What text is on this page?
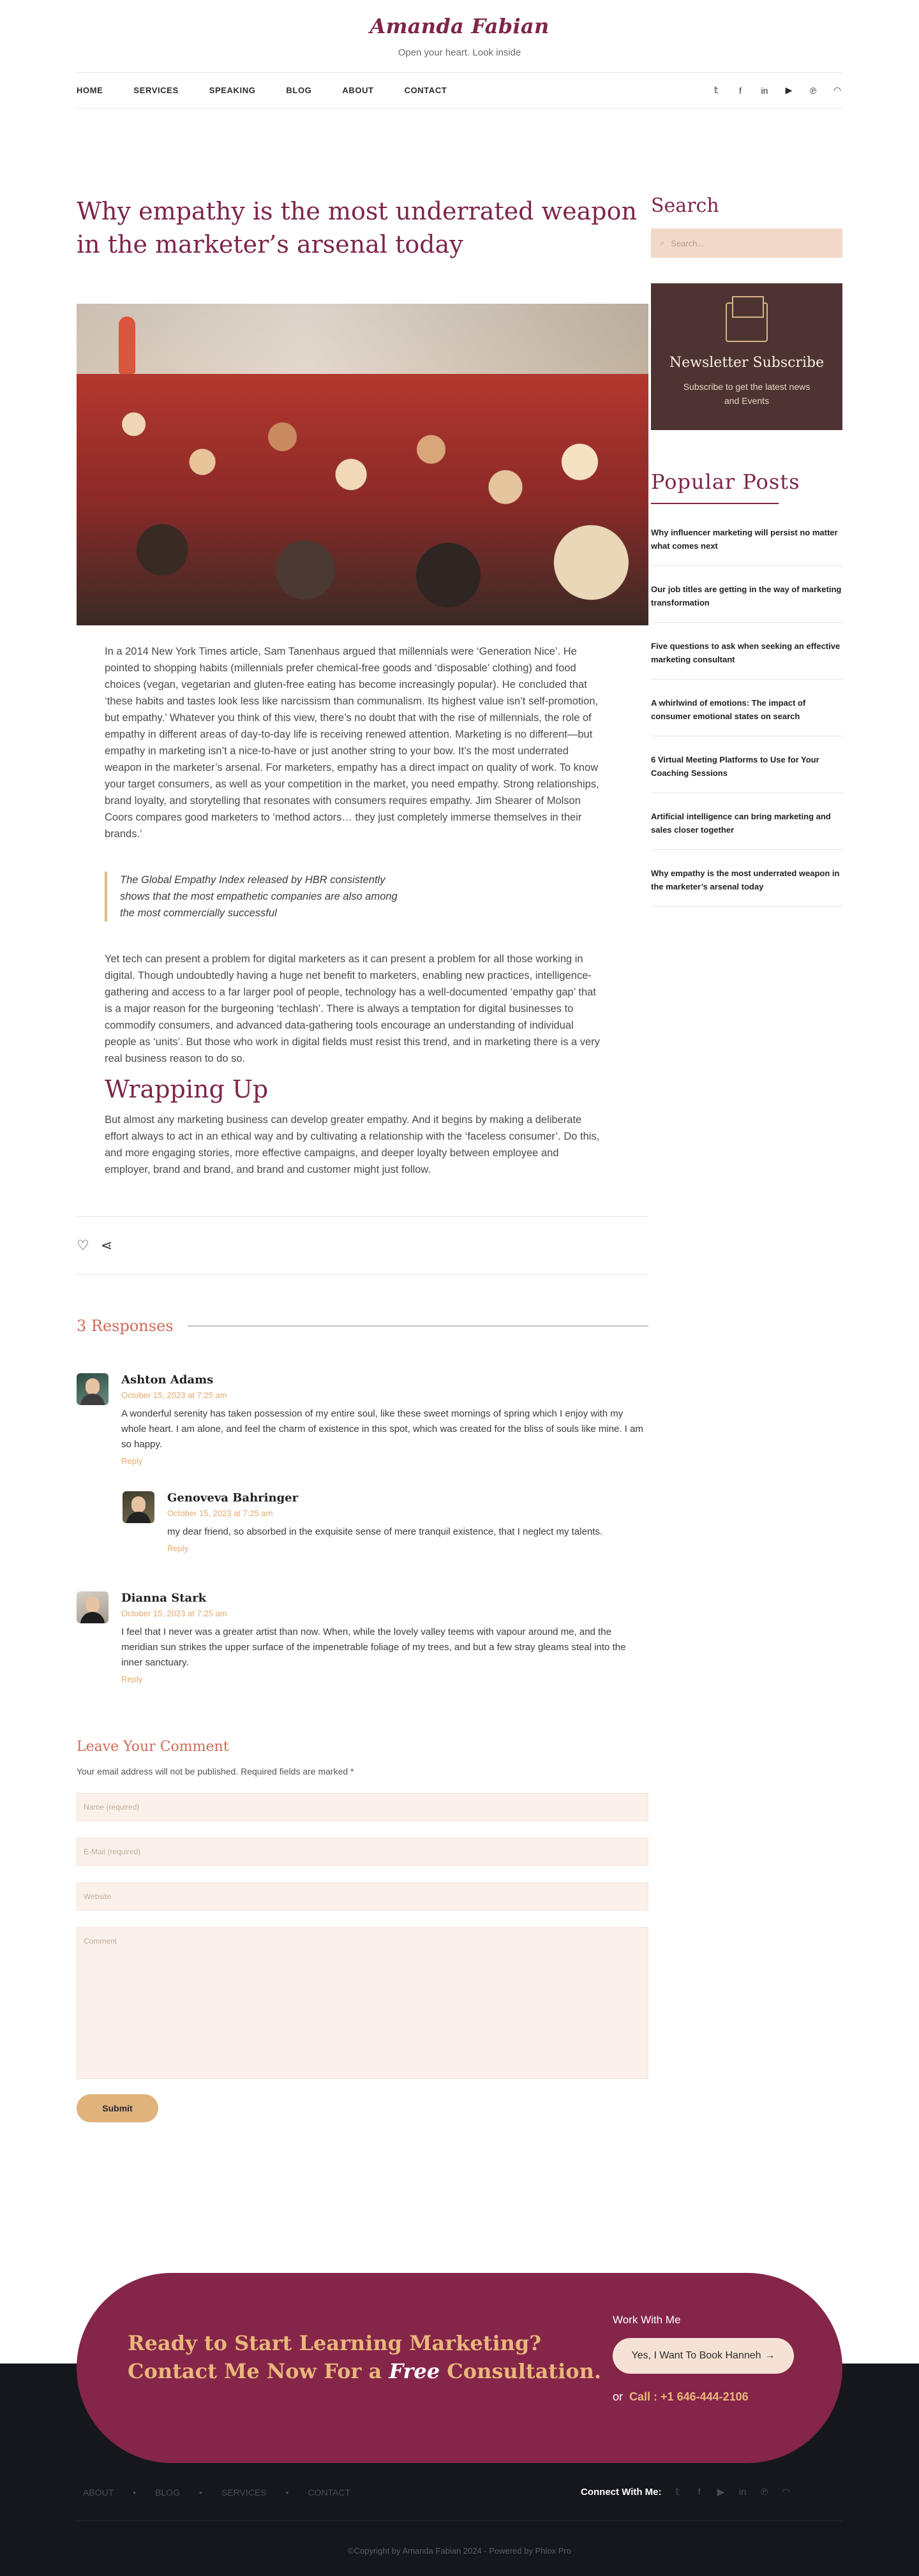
Amanda Fabian
Open your heart. Look inside
HOME	SERVICES	SPEAKING	BLOG	ABOUT	CONTACT	𝕥	f	in ▶ ℗ ◠
Why empathy is the most underrated weapon in the marketer’s arsenal today

In a 2014 New York Times article, Sam Tanenhaus argued that millennials were ‘Generation Nice’. He pointed to shopping habits (millennials prefer chemical-free goods and ‘disposable’ clothing) and food choices (vegan, vegetarian and gluten-free eating has become increasingly popular). He concluded that ‘these habits and tastes look less like narcissism than communalism. Its highest value isn’t self-promotion, but empathy.’ Whatever you think of this view, there’s no doubt that with the rise of millennials, the role of empathy in different areas of day-to-day life is receiving renewed attention. Marketing is no different—but empathy in marketing isn’t a nice-to-have or just another string to your bow. It’s the most underrated weapon in the marketer’s arsenal. For marketers, empathy has a direct impact on quality of work. To know your target consumers, as well as your competition in the market, you need empathy. Strong relationships, brand loyalty, and storytelling that resonates with consumers requires empathy. Jim Shearer of Molson Coors compares good marketers to ‘method actors… they just completely immerse themselves in their brands.’

The Global Empathy Index released by HBR consistently shows that the most empathetic companies are also among the most commercially successful

Yet tech can present a problem for digital marketers as it can present a problem for all those working in digital. Though undoubtedly having a huge net benefit to marketers, enabling new practices, intelligence-gathering and access to a far larger pool of people, technology has a well-documented ‘empathy gap’ that is a major reason for the burgeoning ‘techlash’. There is always a temptation for digital businesses to commodify consumers, and advanced data-gathering tools encourage an understanding of individual people as ‘units’. But those who work in digital fields must resist this trend, and in marketing there is a very real business reason to do so.

Wrapping Up

But almost any marketing business can develop greater empathy. And it begins by making a deliberate effort always to act in an ethical way and by cultivating a relationship with the ‘faceless consumer’. Do this, and more engaging stories, more effective campaigns, and deeper loyalty between employee and employer, brand and brand, and brand and customer might just follow.

♡ ⋖
3 Responses
Ashton Adams
October 15, 2023 at 7:25 am
A wonderful serenity has taken possession of my entire soul, like these sweet mornings of spring which I enjoy with my whole heart. I am alone, and feel the charm of existence in this spot, which was created for the bliss of souls like mine. I am so happy.
Reply
Genoveva Bahringer
October 15, 2023 at 7:25 am
my dear friend, so absorbed in the exquisite sense of mere tranquil existence, that I neglect my talents.
Reply
Dianna Stark
October 15, 2023 at 7:25 am
I feel that I never was a greater artist than now. When, while the lovely valley teems with vapour around me, and the meridian sun strikes the upper surface of the impenetrable foliage of my trees, and but a few stray gleams steal into the inner sanctuary.
Reply
Leave Your Comment
Your email address will not be published. Required fields are marked *
Name (required)
E-Mail (required)
Website
Comment
Submit
Search
⌕ Search...
Newsletter Subscribe

Subscribe to get the latest news and Events

Popular Posts
Why influencer marketing will persist no matter what comes next
Our job titles are getting in the way of marketing transformation
Five questions to ask when seeking an effective marketing consultant
A whirlwind of emotions: The impact of consumer emotional states on search
6 Virtual Meeting Platforms to Use for Your Coaching Sessions
Artificial intelligence can bring marketing and sales closer together
Why empathy is the most underrated weapon in the marketer’s arsenal today
Ready to Start Learning Marketing? Contact Me Now For a Free Consultation.
Work With Me
Yes, I Want To Book Hanneh →
or Call : +1 646-444-2106
ABOUT • BLOG • SERVICES • CONTACT	Connect With Me:	𝕥	f	▶ in ℗ ◠
©Copyright by Amanda Fabian 2024 - Powered by Phlox Pro
